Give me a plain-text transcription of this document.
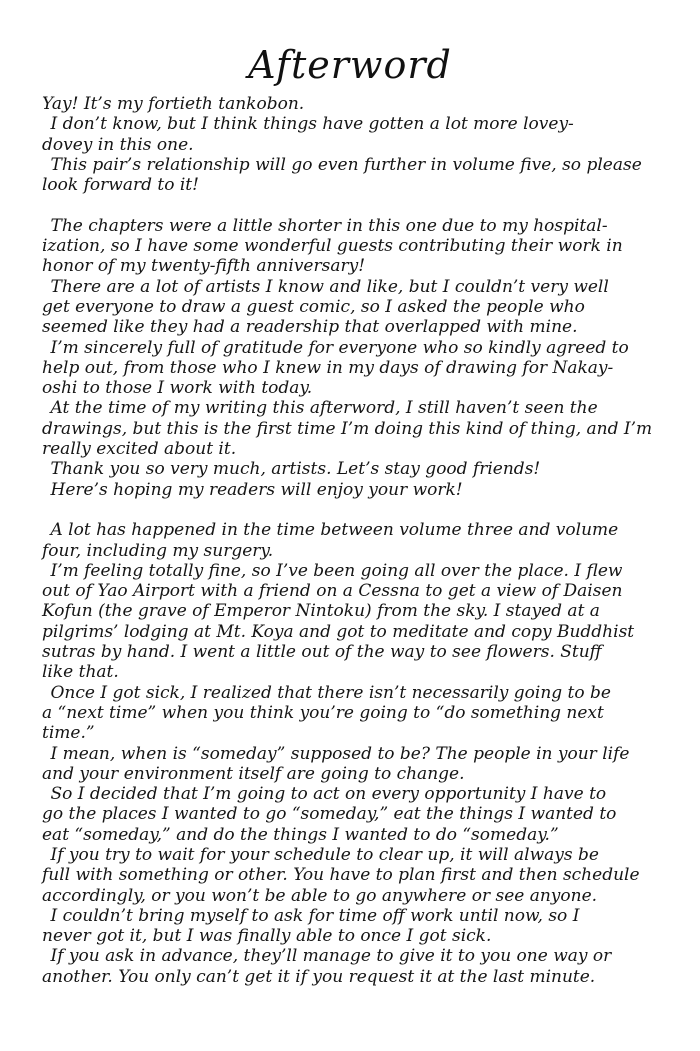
Afterword
Yay! It’s my fortieth tankobon.
 I don’t know, but I think things have gotten a lot more lovey-
dovey in this one.
 This pair’s relationship will go even further in volume five, so please
look forward to it!
 The chapters were a little shorter in this one due to my hospital-
ization, so I have some wonderful guests contributing their work in
honor of my twenty-fifth anniversary!
 There are a lot of artists I know and like, but I couldn’t very well
get everyone to draw a guest comic, so I asked the people who
seemed like they had a readership that overlapped with mine.
 I’m sincerely full of gratitude for everyone who so kindly agreed to
help out, from those who I knew in my days of drawing for Nakay-
oshi to those I work with today.
 At the time of my writing this afterword, I still haven’t seen the
drawings, but this is the first time I’m doing this kind of thing, and I’m
really excited about it.
 Thank you so very much, artists. Let’s stay good friends!
 Here’s hoping my readers will enjoy your work!
 A lot has happened in the time between volume three and volume
four, including my surgery.
 I’m feeling totally fine, so I’ve been going all over the place. I flew
out of Yao Airport with a friend on a Cessna to get a view of Daisen
Kofun (the grave of Emperor Nintoku) from the sky. I stayed at a
pilgrims’ lodging at Mt. Koya and got to meditate and copy Buddhist
sutras by hand. I went a little out of the way to see flowers. Stuff
like that.
 Once I got sick, I realized that there isn’t necessarily going to be
a “next time” when you think you’re going to “do something next
time.”
 I mean, when is “someday” supposed to be? The people in your life
and your environment itself are going to change.
 So I decided that I’m going to act on every opportunity I have to
go the places I wanted to go “someday,” eat the things I wanted to
eat “someday,” and do the things I wanted to do “someday.”
 If you try to wait for your schedule to clear up, it will always be
full with something or other. You have to plan first and then schedule
accordingly, or you won’t be able to go anywhere or see anyone.
 I couldn’t bring myself to ask for time off work until now, so I
never got it, but I was finally able to once I got sick.
 If you ask in advance, they’ll manage to give it to you one way or
another. You only can’t get it if you request it at the last minute.
